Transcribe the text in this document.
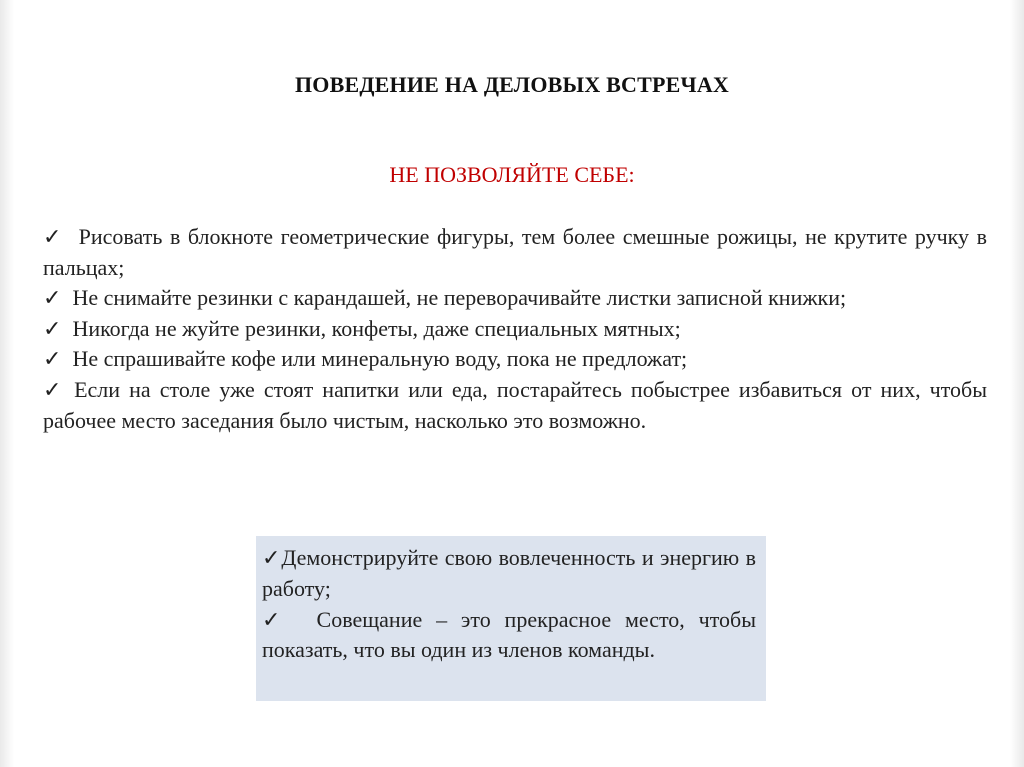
ПОВЕДЕНИЕ НА ДЕЛОВЫХ ВСТРЕЧАХ
НЕ ПОЗВОЛЯЙТЕ СЕБЕ:
✓ Рисовать в блокноте геометрические фигуры, тем более смешные рожицы, не крутите ручку в пальцах;
✓ Не снимайте резинки с карандашей, не переворачивайте листки записной книжки;
✓ Никогда не жуйте резинки, конфеты, даже специальных мятных;
✓ Не спрашивайте кофе или минеральную воду, пока не предложат;
✓ Если на столе уже стоят напитки или еда, постарайтесь побыстрее избавиться от них, чтобы рабочее место заседания было чистым, насколько это возможно.
✓Демонстрируйте свою вовлеченность и энергию в работу;
✓ Совещание – это прекрасное место, чтобы показать, что вы один из членов команды.
